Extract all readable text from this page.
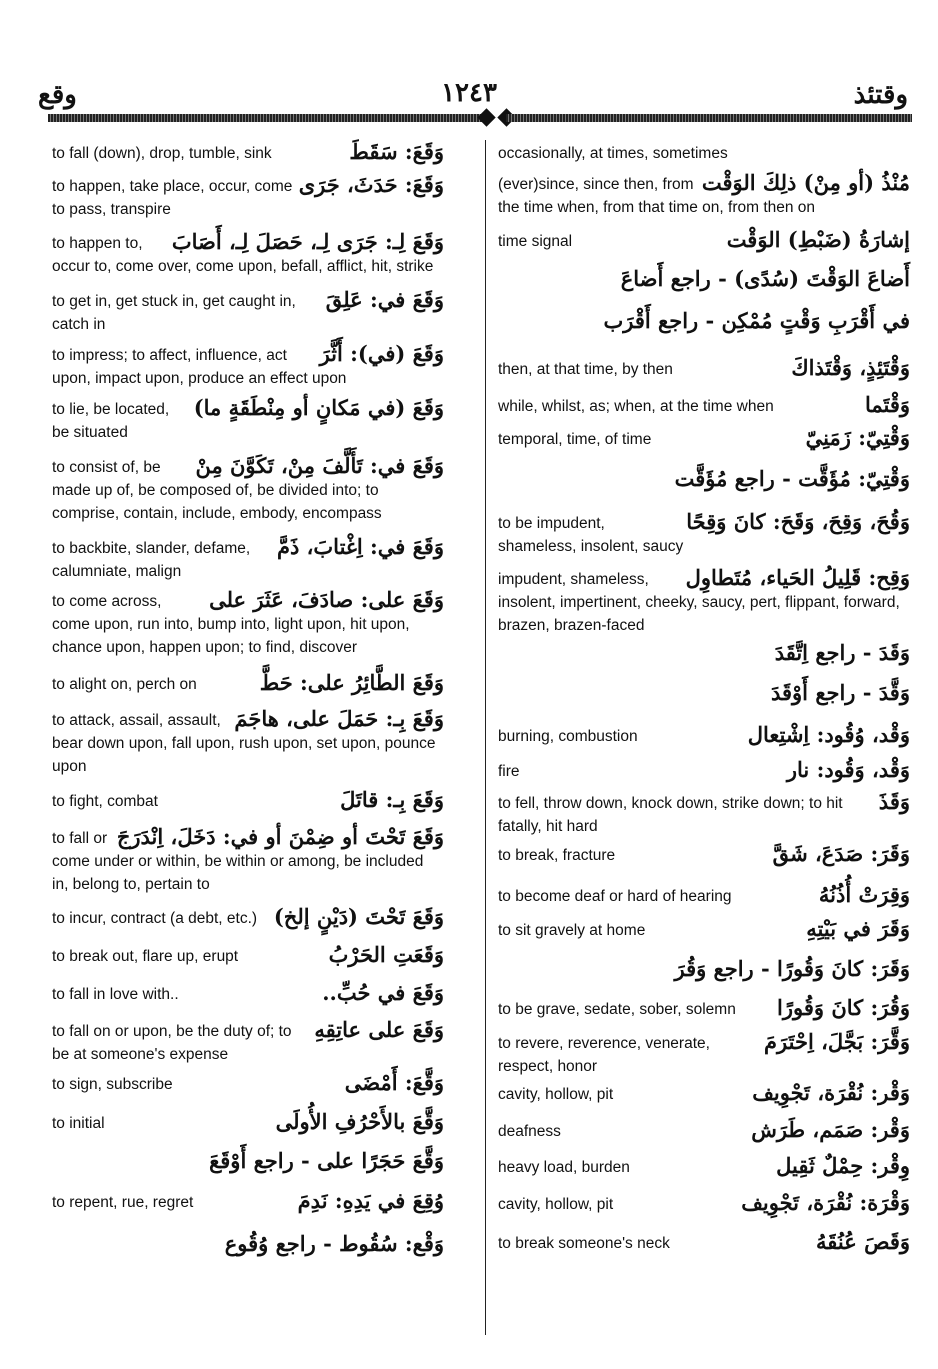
وقع	١٢٤٣	وقتئذ
وَقَعَ: سَقَطَ

to fall (down), drop, tumble, sink

وَقَعَ: حَدَثَ، جَرَى

to happen, take place, occur, come to pass, transpire

وَقَعَ لِـ: جَرَى لِـ، حَصَلَ لِـ، أَصَابَ

to happen to, occur to, come over, come upon, befall, afflict, hit, strike

وَقَعَ في: عَلِقَ

to get in, get stuck in, get caught in, catch in

وَقَعَ (في): أَثَّرَ

to impress; to affect, influence, act upon, impact upon, produce an effect upon

وَقَعَ (في مَكانٍ أو مِنْطَقَةٍ ما)

to lie, be located, be situated

وَقَعَ في: تَأَلَّفَ مِنْ، تَكَوَّنَ مِنْ

to consist of, be made up of, be composed of, be divided into; to comprise, contain, include, embody, encompass

وَقَعَ في: اِغْتابَ، ذَمَّ

to backbite, slander, defame, calumniate, malign

وَقَعَ على: صادَفَ، عَثَرَ على

to come across, come upon, run into, bump into, light upon, hit upon, chance upon, happen upon; to find, discover

وَقَعَ الطَّائِرُ على: حَطَّ

to alight on, perch on

وَقَعَ بِـ: حَمَلَ على، هاجَمَ

to attack, assail, assault, bear down upon, fall upon, rush upon, set upon, pounce upon

وَقَعَ بِـ: قاتَلَ

to fight, combat

وَقَعَ تَحْتَ أو ضِمْنَ أو في: دَخَلَ، اِنْدَرَجَ

to fall or come under or within, be within or among, be included in, belong to, pertain to

وَقَعَ تَحْتَ (دَيْنٍ إلخ)

to incur, contract (a debt, etc.)

وَقَعَتِ الحَرْبُ

to break out, flare up, erupt

وَقَعَ في حُبِّ..

to fall in love with..

وَقَعَ على عاتِقِهِ

to fall on or upon, be the duty of; to be at someone's expense

وَقَّعَ: أَمْضَى

to sign, subscribe

وَقَّعَ بالأَحْرُفِ الأُولَى

to initial

وَقَّعَ حَجَرًا على - راجع أَوْقَعَ
وُقِعَ في يَدِهِ: نَدِمَ

to repent, rue, regret

وَقْع: سُقُوط - راجع وُقُوع

occasionally, at times, sometimes

مُنْذُ (أو مِنْ) ذلِكَ الوَقْت

(ever)since, since then, from the time when, from that time on, from then on

إشارَةُ (ضَبْطِ) الوَقْت

time signal

أَضاعَ الوَقْتَ (سُدًى) - راجع أَضاعَ
في أَقْرَبِ وَقْتٍ مُمْكِن - راجع أَقْرَب
وَقْتَئِذٍ، وَقْتَذاكَ

then, at that time, by then

وَقْتَما

while, whilst, as; when, at the time when

وَقْتِيّ: زَمَنِيّ

temporal, time, of time

وَقْتِيّ: مُؤَقَّت - راجع مُؤَقَّت
وَقُحَ، وَقِحَ، وَقَحَ: كانَ وَقِحًا

to be impudent, shameless, insolent, saucy

وَقِح: قَلِيلُ الحَياء، مُتَطاوِل

impudent, shameless, insolent, impertinent, cheeky, saucy, pert, flippant, forward, brazen, brazen-faced

وَقَدَ - راجع اِتَّقَدَ
وَقَّدَ - راجع أَوْقَدَ
وَقْد، وُقُود: اِشْتِعال

burning, combustion

وَقْد، وَقُود: نار

fire

وَقَذَ

to fell, throw down, knock down, strike down; to hit fatally, hit hard

وَقَرَ: صَدَعَ، شَقَّ

to break, fracture

وَقِرَتْ أُذُنُهُ

to become deaf or hard of hearing

وَقَرَ في بَيْتِهِ

to sit gravely at home

وَقَرَ: كانَ وَقُورًا - راجع وَقُرَ
وَقُرَ: كانَ وَقُورًا

to be grave, sedate, sober, solemn

وَقَّرَ: بَجَّلَ، اِحْتَرَمَ

to revere, reverence, venerate, respect, honor

وَقْر: نُقْرَة، تَجْوِيف

cavity, hollow, pit

وَقْر: صَمَم، طَرَش

deafness

وِقْر: حِمْلٌ ثَقِيل

heavy load, burden

وَقْرَة: نُقْرَة، تَجْوِيف

cavity, hollow, pit

وَقَصَ عُنُقَهُ

to break someone's neck
